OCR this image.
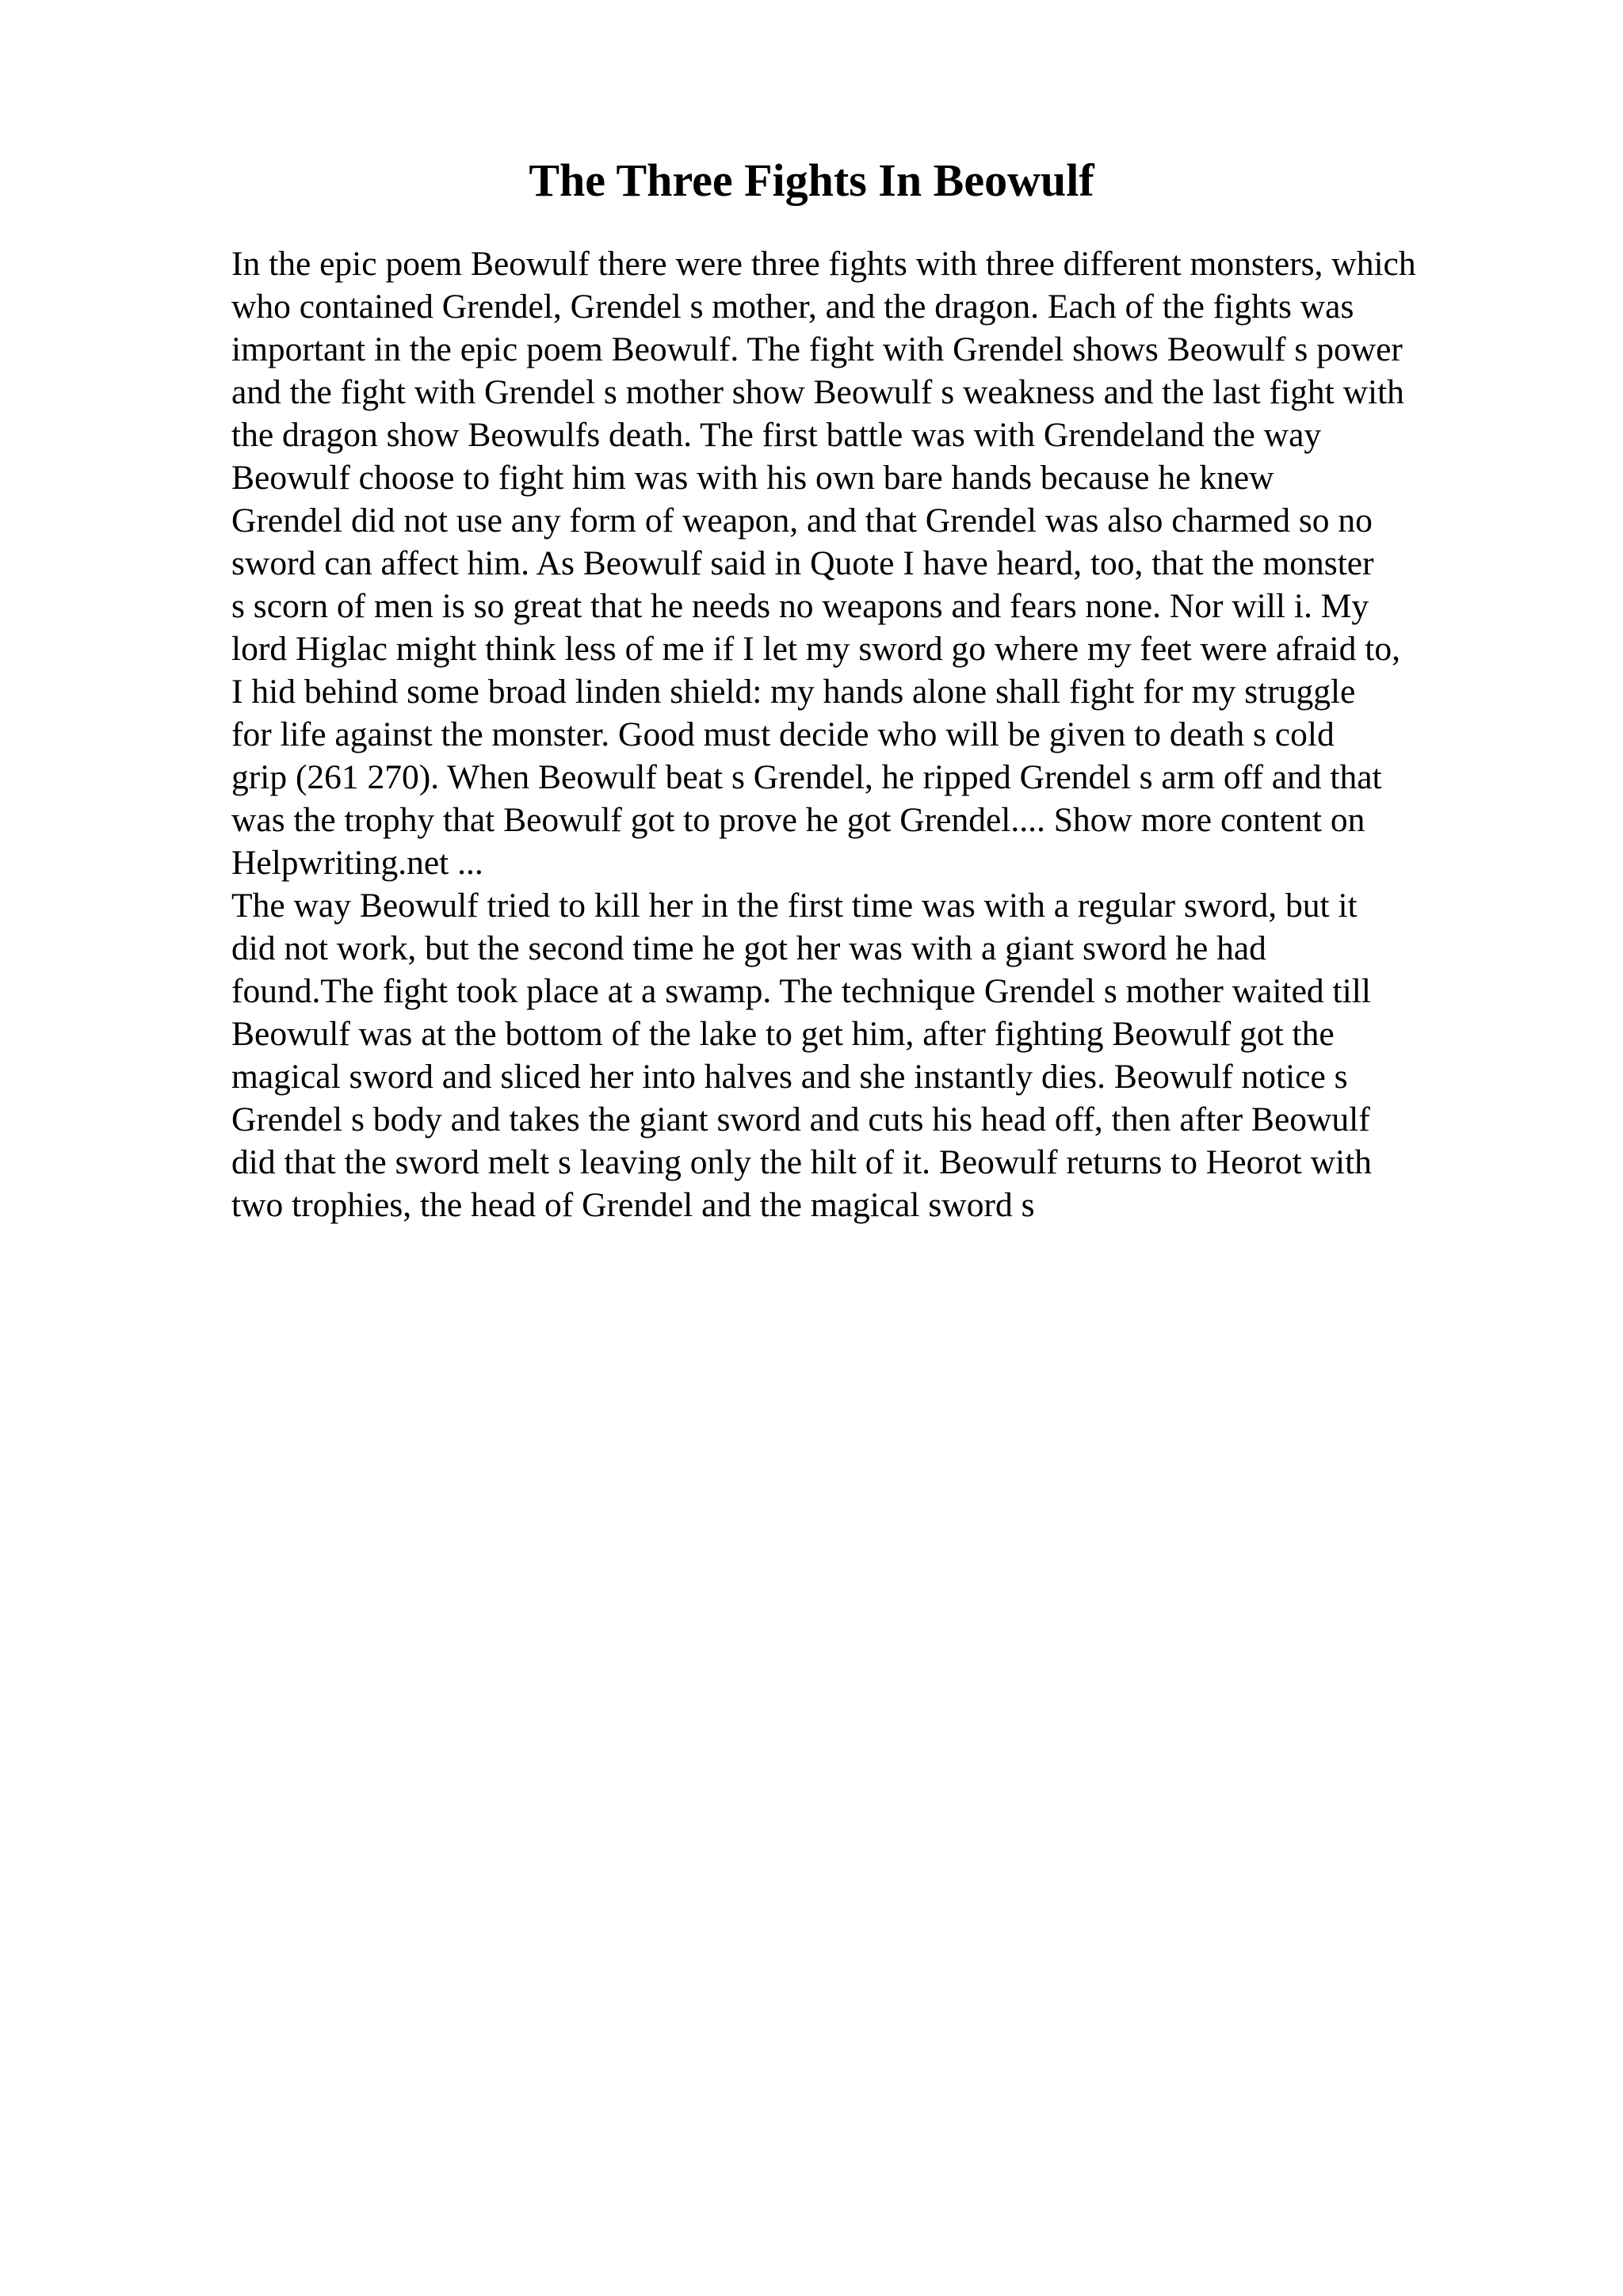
The Three Fights In Beowulf
In the epic poem Beowulf there were three fights with three different monsters, which
who contained Grendel, Grendel s mother, and the dragon. Each of the fights was
important in the epic poem Beowulf. The fight with Grendel shows Beowulf s power
and the fight with Grendel s mother show Beowulf s weakness and the last fight with
the dragon show Beowulfs death. The first battle was with Grendeland the way
Beowulf choose to fight him was with his own bare hands because he knew
Grendel did not use any form of weapon, and that Grendel was also charmed so no
sword can affect him. As Beowulf said in Quote I have heard, too, that the monster
s scorn of men is so great that he needs no weapons and fears none. Nor will i. My
lord Higlac might think less of me if I let my sword go where my feet were afraid to,
I hid behind some broad linden shield: my hands alone shall fight for my struggle
for life against the monster. Good must decide who will be given to death s cold
grip (261 270). When Beowulf beat s Grendel, he ripped Grendel s arm off and that
was the trophy that Beowulf got to prove he got Grendel.... Show more content on
Helpwriting.net ...
The way Beowulf tried to kill her in the first time was with a regular sword, but it
did not work, but the second time he got her was with a giant sword he had
found.The fight took place at a swamp. The technique Grendel s mother waited till
Beowulf was at the bottom of the lake to get him, after fighting Beowulf got the
magical sword and sliced her into halves and she instantly dies. Beowulf notice s
Grendel s body and takes the giant sword and cuts his head off, then after Beowulf
did that the sword melt s leaving only the hilt of it. Beowulf returns to Heorot with
two trophies, the head of Grendel and the magical sword s
